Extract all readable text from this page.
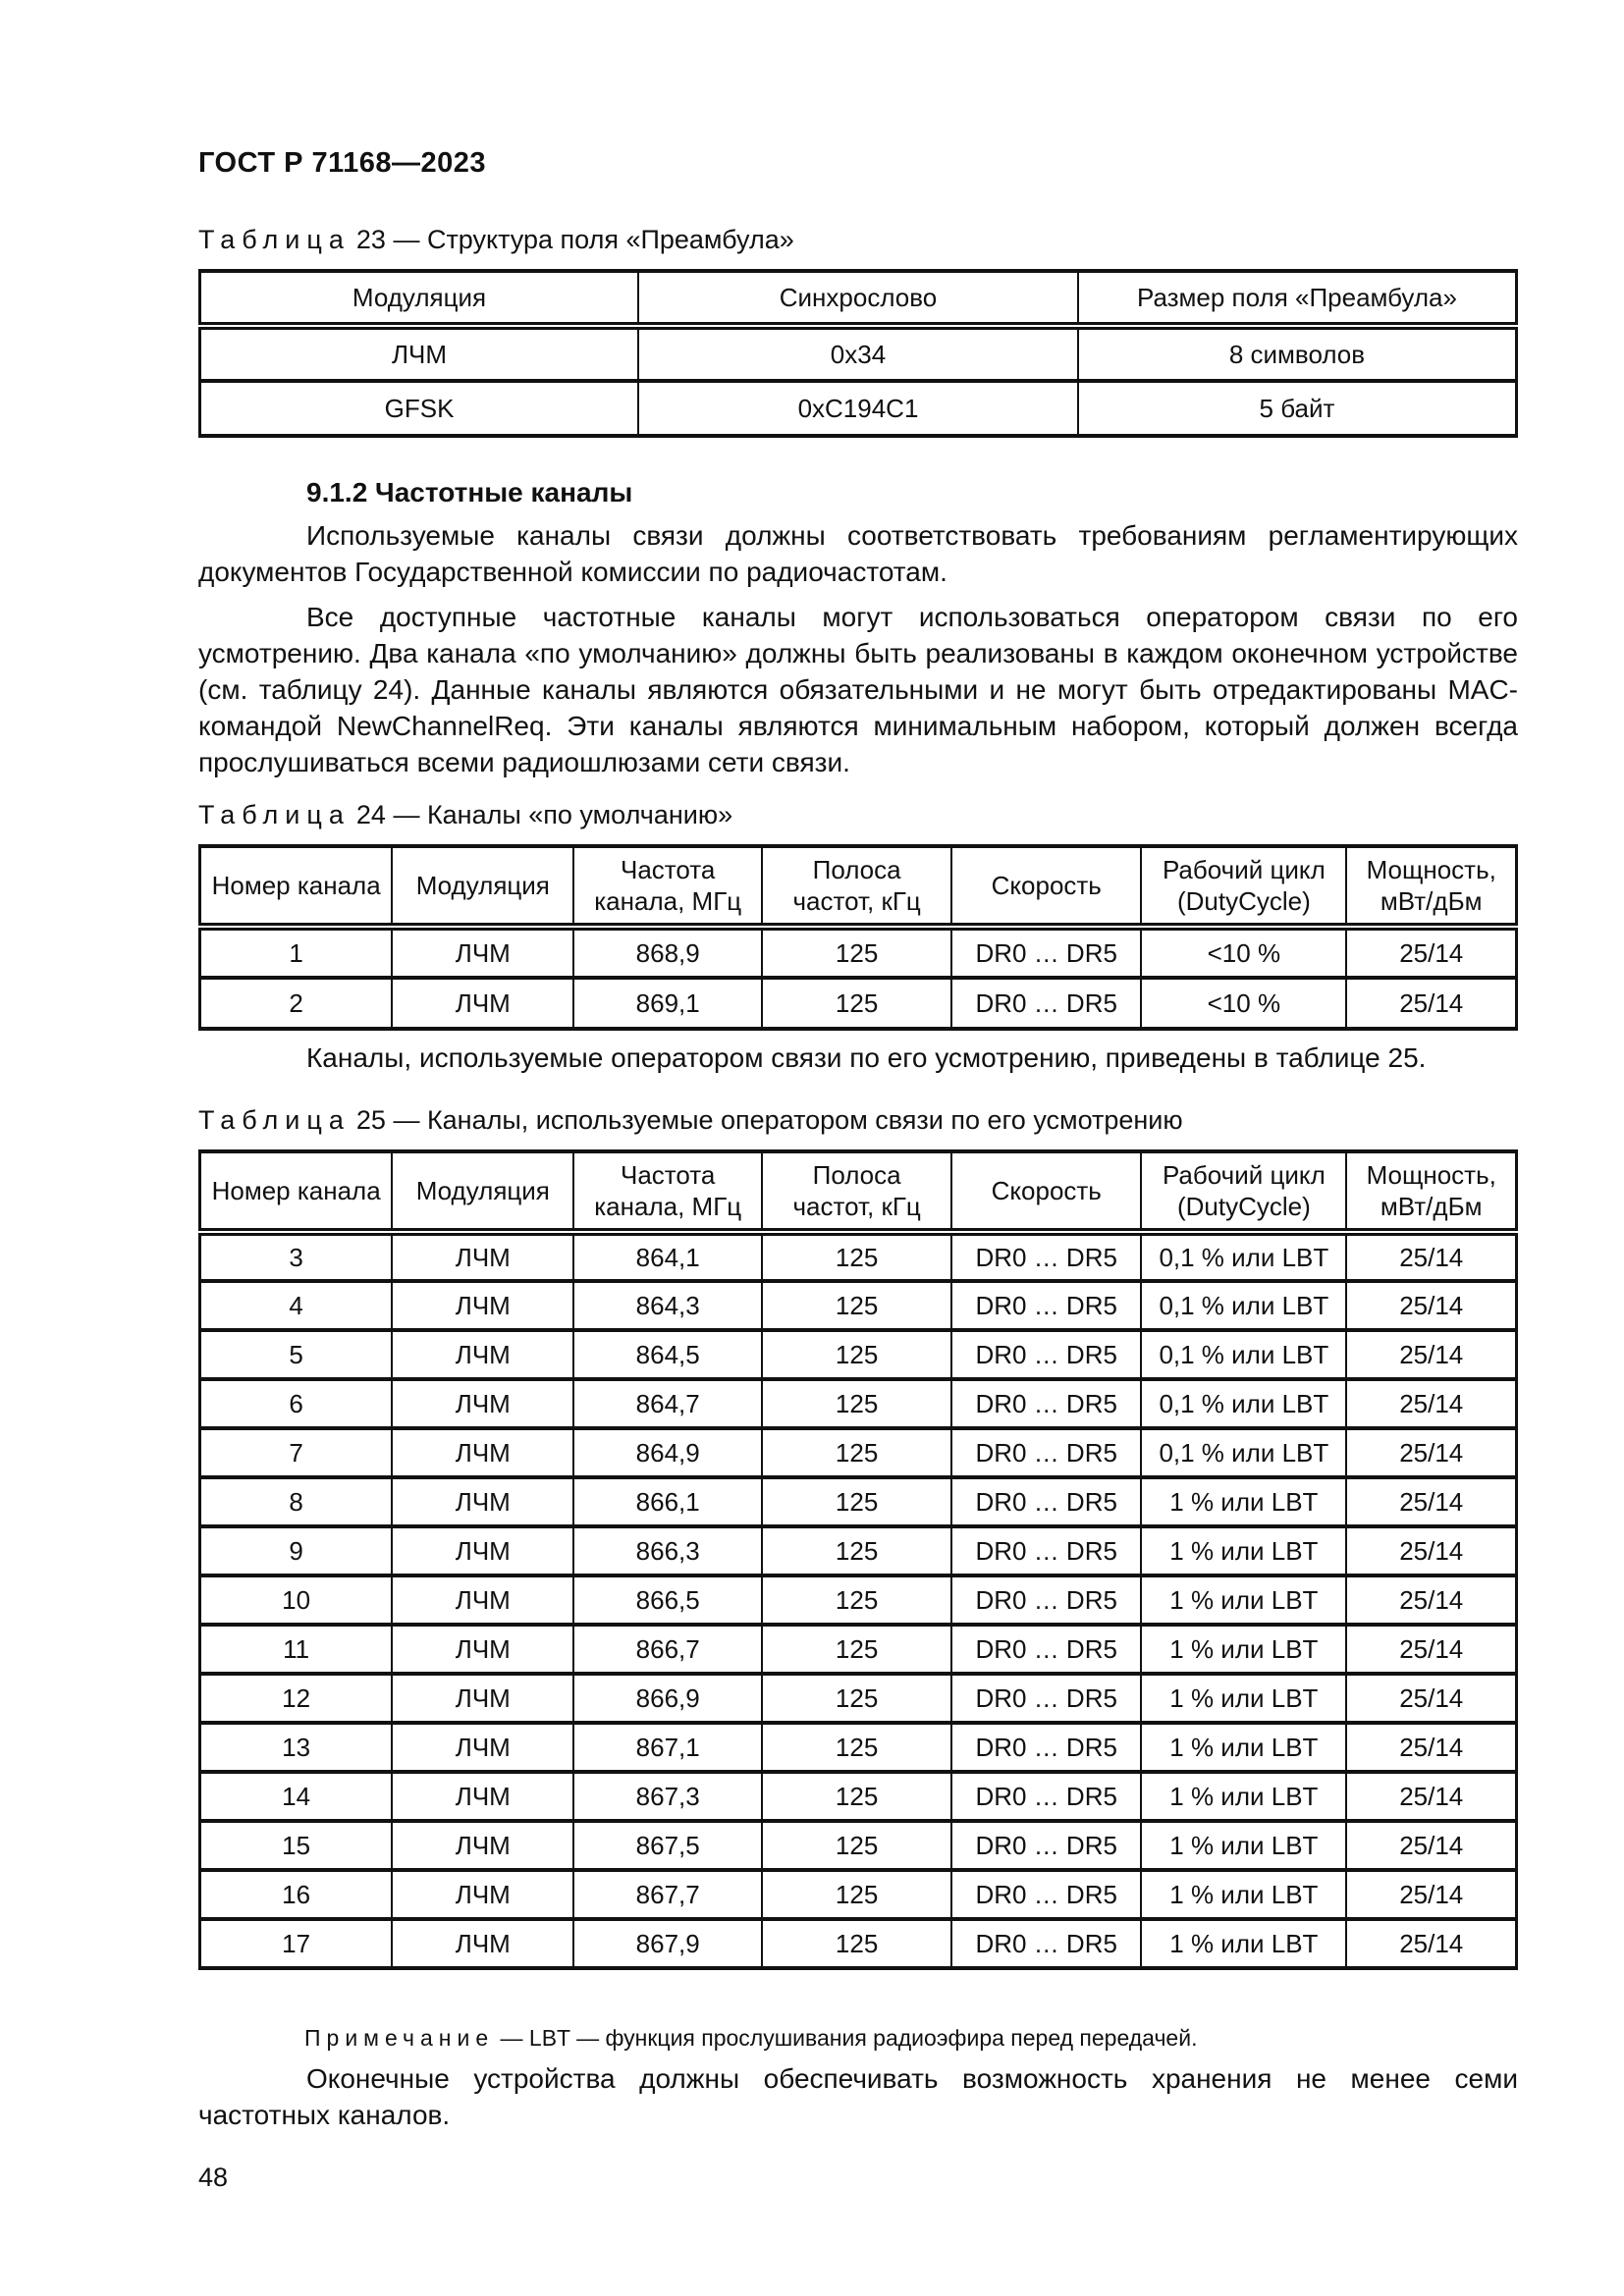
ГОСТ Р 71168—2023
Таблица 23 — Структура поля «Преамбула»
Модуляция	Синхрослово	Размер поля «Преамбула»
ЛЧМ	0x34	8 символов
GFSK	0xC194C1	5 байт
9.1.2 Частотные каналы

Используемые каналы связи должны соответствовать требованиям регламентирующих документов Государственной комиссии по радиочастотам.

Все доступные частотные каналы могут использоваться оператором связи по его усмотрению. Два канала «по умолчанию» должны быть реализованы в каждом оконечном устройстве (см. таблицу 24). Данные каналы являются обязательными и не могут быть отредактированы MAC-командой NewChannelReq. Эти каналы являются минимальным набором, который должен всегда прослушиваться всеми радиошлюзами сети связи.

Таблица 24 — Каналы «по умолчанию»
Номер канала	Модуляция	Частота канала, МГц	Полоса частот, кГц	Скорость	Рабочий цикл (DutyCycle)	Мощность, мВт/дБм
1	ЛЧМ	868,9	125	DR0 … DR5	<10 %	25/14
2	ЛЧМ	869,1	125	DR0 … DR5	<10 %	25/14

Каналы, используемые оператором связи по его усмотрению, приведены в таблице 25.

Таблица 25 — Каналы, используемые оператором связи по его усмотрению
Номер канала	Модуляция	Частота канала, МГц	Полоса частот, кГц	Скорость	Рабочий цикл (DutyCycle)	Мощность, мВт/дБм
3	ЛЧМ	864,1	125	DR0 … DR5	0,1 % или LBT	25/14
4	ЛЧМ	864,3	125	DR0 … DR5	0,1 % или LBT	25/14
5	ЛЧМ	864,5	125	DR0 … DR5	0,1 % или LBT	25/14
6	ЛЧМ	864,7	125	DR0 … DR5	0,1 % или LBT	25/14
7	ЛЧМ	864,9	125	DR0 … DR5	0,1 % или LBT	25/14
8	ЛЧМ	866,1	125	DR0 … DR5	1 % или LBT	25/14
9	ЛЧМ	866,3	125	DR0 … DR5	1 % или LBT	25/14
10	ЛЧМ	866,5	125	DR0 … DR5	1 % или LBT	25/14
11	ЛЧМ	866,7	125	DR0 … DR5	1 % или LBT	25/14
12	ЛЧМ	866,9	125	DR0 … DR5	1 % или LBT	25/14
13	ЛЧМ	867,1	125	DR0 … DR5	1 % или LBT	25/14
14	ЛЧМ	867,3	125	DR0 … DR5	1 % или LBT	25/14
15	ЛЧМ	867,5	125	DR0 … DR5	1 % или LBT	25/14
16	ЛЧМ	867,7	125	DR0 … DR5	1 % или LBT	25/14
17	ЛЧМ	867,9	125	DR0 … DR5	1 % или LBT	25/14
Примечание — LBT — функция прослушивания радиоэфира перед передачей.

Оконечные устройства должны обеспечивать возможность хранения не менее семи частотных каналов.

48
